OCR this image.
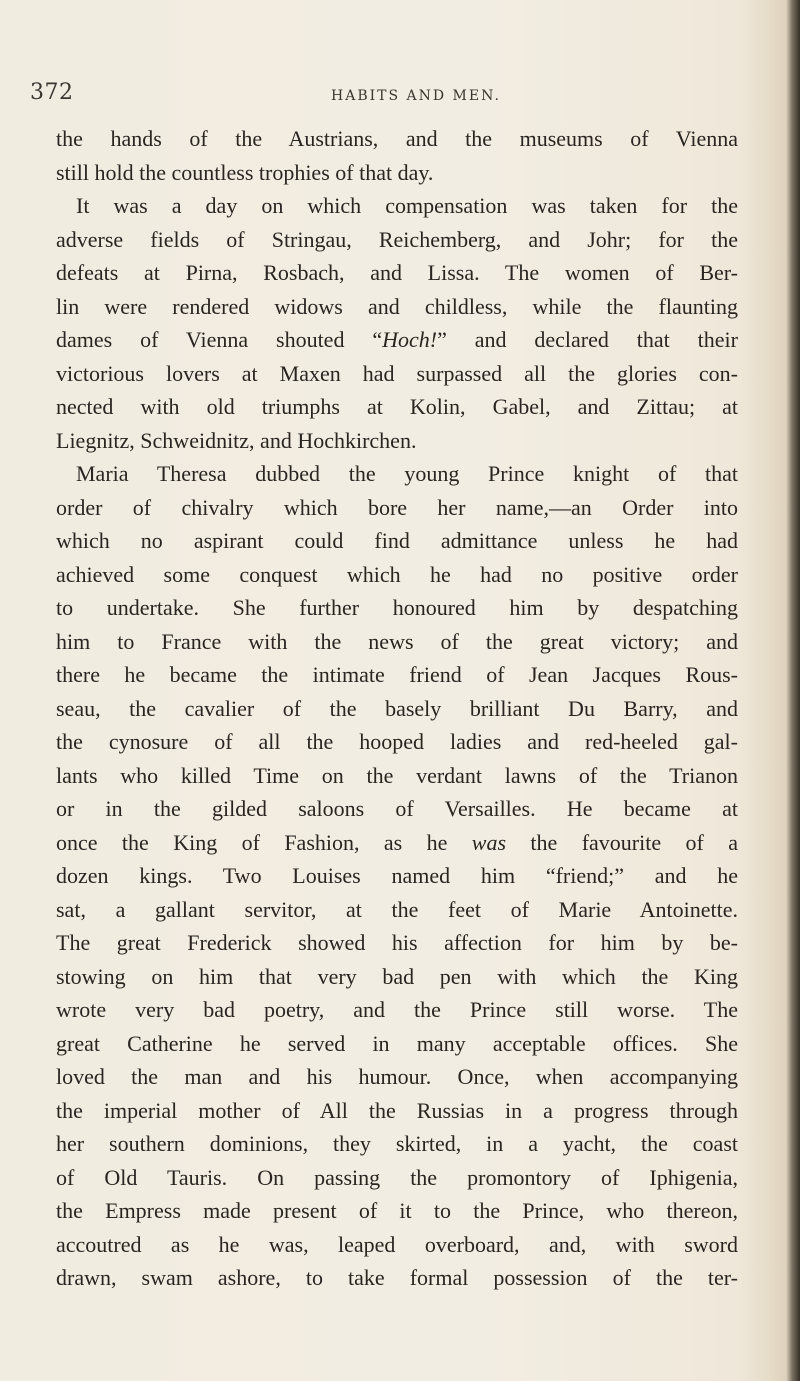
372	HABITS AND MEN.
the hands of the Austrians, and the museums of Vienna
still hold the countless trophies of that day.
It was a day on which compensation was taken for the
adverse fields of Stringau, Reichemberg, and Johr; for the
defeats at Pirna, Rosbach, and Lissa. The women of Ber-
lin were rendered widows and childless, while the flaunting
dames of Vienna shouted “Hoch!” and declared that their
victorious lovers at Maxen had surpassed all the glories con-
nected with old triumphs at Kolin, Gabel, and Zittau; at
Liegnitz, Schweidnitz, and Hochkirchen.
Maria Theresa dubbed the young Prince knight of that
order of chivalry which bore her name,—an Order into
which no aspirant could find admittance unless he had
achieved some conquest which he had no positive order
to undertake. She further honoured him by despatching
him to France with the news of the great victory; and
there he became the intimate friend of Jean Jacques Rous-
seau, the cavalier of the basely brilliant Du Barry, and
the cynosure of all the hooped ladies and red-heeled gal-
lants who killed Time on the verdant lawns of the Trianon
or in the gilded saloons of Versailles. He became at
once the King of Fashion, as he was the favourite of a
dozen kings. Two Louises named him “friend;” and he
sat, a gallant servitor, at the feet of Marie Antoinette.
The great Frederick showed his affection for him by be-
stowing on him that very bad pen with which the King
wrote very bad poetry, and the Prince still worse. The
great Catherine he served in many acceptable offices. She
loved the man and his humour. Once, when accompanying
the imperial mother of All the Russias in a progress through
her southern dominions, they skirted, in a yacht, the coast
of Old Tauris. On passing the promontory of Iphigenia,
the Empress made present of it to the Prince, who thereon,
accoutred as he was, leaped overboard, and, with sword
drawn, swam ashore, to take formal possession of the ter-
